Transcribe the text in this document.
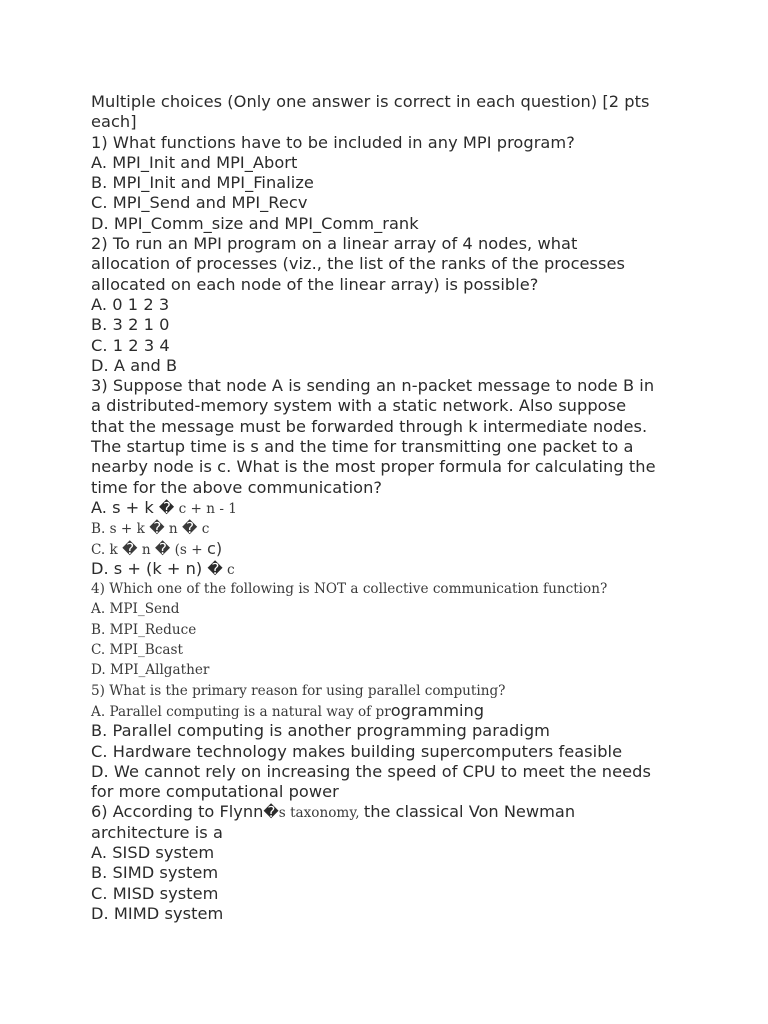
Multiple choices (Only one answer is correct in each question) [2 pts
each]
1) What functions have to be included in any MPI program?
A. MPI_Init and MPI_Abort
B. MPI_Init and MPI_Finalize
C. MPI_Send and MPI_Recv
D. MPI_Comm_size and MPI_Comm_rank
2) To run an MPI program on a linear array of 4 nodes, what
allocation of processes (viz., the list of the ranks of the processes
allocated on each node of the linear array) is possible?
A. 0 1 2 3
B. 3 2 1 0
C. 1 2 3 4
D. A and B
3) Suppose that node A is sending an n-packet message to node B in
a distributed-memory system with a static network. Also suppose
that the message must be forwarded through k intermediate nodes.
The startup time is s and the time for transmitting one packet to a
nearby node is c. What is the most proper formula for calculating the
time for the above communication?
A. s + k � c + n - 1
B. s + k � n � c
C. k � n � (s + c)
D. s + (k + n) � c
4) Which one of the following is NOT a collective communication function?
A. MPI_Send
B. MPI_Reduce
C. MPI_Bcast
D. MPI_Allgather
5) What is the primary reason for using parallel computing?
A. Parallel computing is a natural way of programming
B. Parallel computing is another programming paradigm
C. Hardware technology makes building supercomputers feasible
D. We cannot rely on increasing the speed of CPU to meet the needs
for more computational power
6) According to Flynn�s taxonomy, the classical Von Newman
architecture is a
A. SISD system
B. SIMD system
C. MISD system
D. MIMD system
